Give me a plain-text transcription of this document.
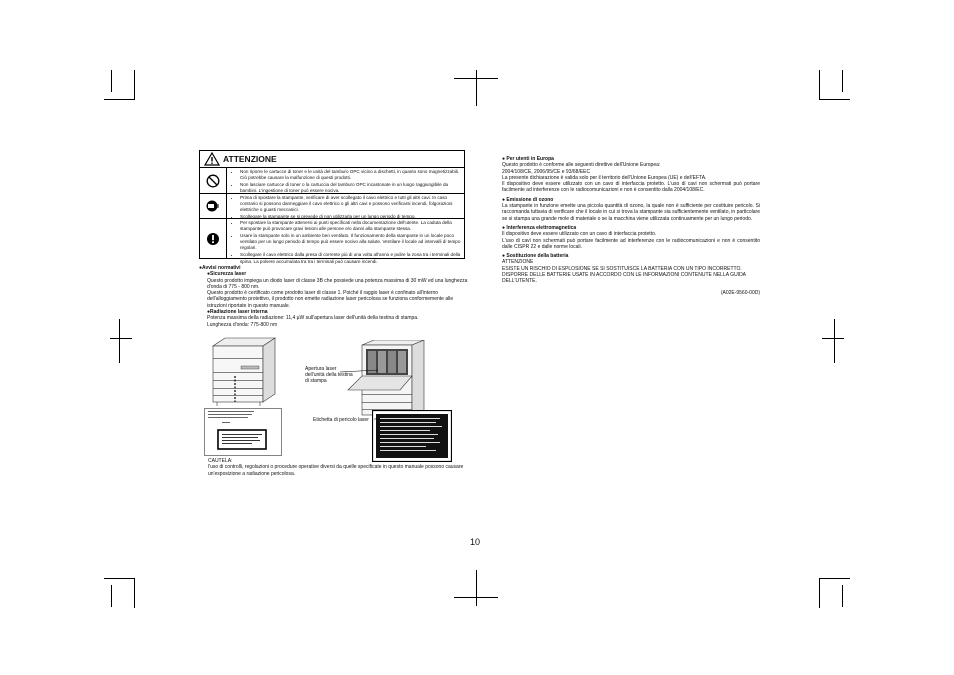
ATTENZIONE
• Non riporre le cartucce di toner e le unità del tamburo OPC vicino a dischetti, in quanto sono magnetizzabili. Ciò potrebbe causare la malfunzione di questi prodotti.
• Non lasciare cartucce di toner o la cartuccia del tamburo OPC incastonate in un luogo raggiungibile da bambini. L'ingestione di toner può essere nociva.
• Prima di spostare la stampante, verificare di aver scollegato il cavo elettrico e tutti gli altri cavi. In caso contrario si possono danneggiare il cavo elettrico o gli altri cavi e possono verificarsi incendi, folgorazioni elettriche o guasti meccanici.
• Scollegare la stampante se si prevede di non utilizzarla per un lungo periodo di tempo.
• Per spostare la stampante attenersi ai punti specificati nella documentazione dell'utente. La caduta della stampante può provocare gravi lesioni alle persone e/o danni alla stampante stessa.
• Usare la stampante solo in un ambiente ben ventilato. Il funzionamento della stampante in un locale poco ventilato per un lungo periodo di tempo può essere nocivo alla salute. Ventilare il locale ad intervalli di tempo regolari.
• Scollegare il cavo elettrico dalla presa di corrente più di una volta all'anno e pulire la zona tra i terminali della spina. La polvere accumulata tra tra i terminali può causare incendi.
●Avvisi normativi
●Sicurezza laser
Questo prodotto impiega un diodo laser di classe 3B che possiede una potenza massima di 30 mW ed una lunghezza d'onda di 775 - 800 nm.
Questo prodotto è certificato come prodotto laser di classe 1. Poiché il raggio laser è confinato all'interno dell'alloggiamento protettivo, il prodotto non emette radiazione laser pericolosa se funziona conformemente alle istruzioni riportate in questo manuale.
●Radiazione laser interna
Potenza massima della radiazione: 11,4 µW sull'apertura laser dell'unità della testina di stampa.
Lunghezza d'onda: 775-800 nm
Apertura laser dell'unità della testina di stampa
Etichetta di pericolo laser
CAUTELA:
l'uso di controlli, regolazioni o procedure operative diversi da quelle specificate in questo manuale possono causare un'esposizione a radiazione pericolosa.
● Per utenti in Europa
Questo prodotto è conforme alle seguenti direttive dell'Unione Europea:
2004/108/CE, 2006/95/CE e 93/68/EEC
La presente dichiarazione è valida solo per il territorio dell'Unione Europea (UE) e dell'EFTA.
Il dispositivo deve essere utilizzato con un cavo di interfaccia protetto. L'uso di cavi non schermati può portare facilmente ad interferenze con le radiocomunicazioni e non è consentito dalla 2004/108/EC.
● Emissione di ozono
La stampante in funzione emette una piccola quantità di ozono, la quale non è sufficiente per costituire pericolo. Si raccomanda tuttavia di verificare che il locale in cui si trova la stampante sia sufficientemente ventilato, in particolare se si stampa una grande mole di materiale o se la macchina viene utilizzata continuamente per un lungo periodo.
● Interferenza elettromagnetica
Il dispositivo deve essere utilizzato con un cavo di interfaccia protetto.
L'uso di cavi non schermati può portare facilmente ad interferenze con le radiocomunicazioni e non è consentito dalle CISPR 22 e dalle norme locali.
● Sostituzione della batteria
ATTENZIONE
ESISTE UN RISCHIO DI ESPLOSIONE SE SI SOSTITUISCE LA BATTERIA CON UN TIPO INCORRETTO.
DISPORRE DELLE BATTERIE USATE IN ACCORDO CON LE INFORMAZIONI CONTENUTE NELLA GUIDA DELL'UTENTE.
(A02E-9560-00D)
10
